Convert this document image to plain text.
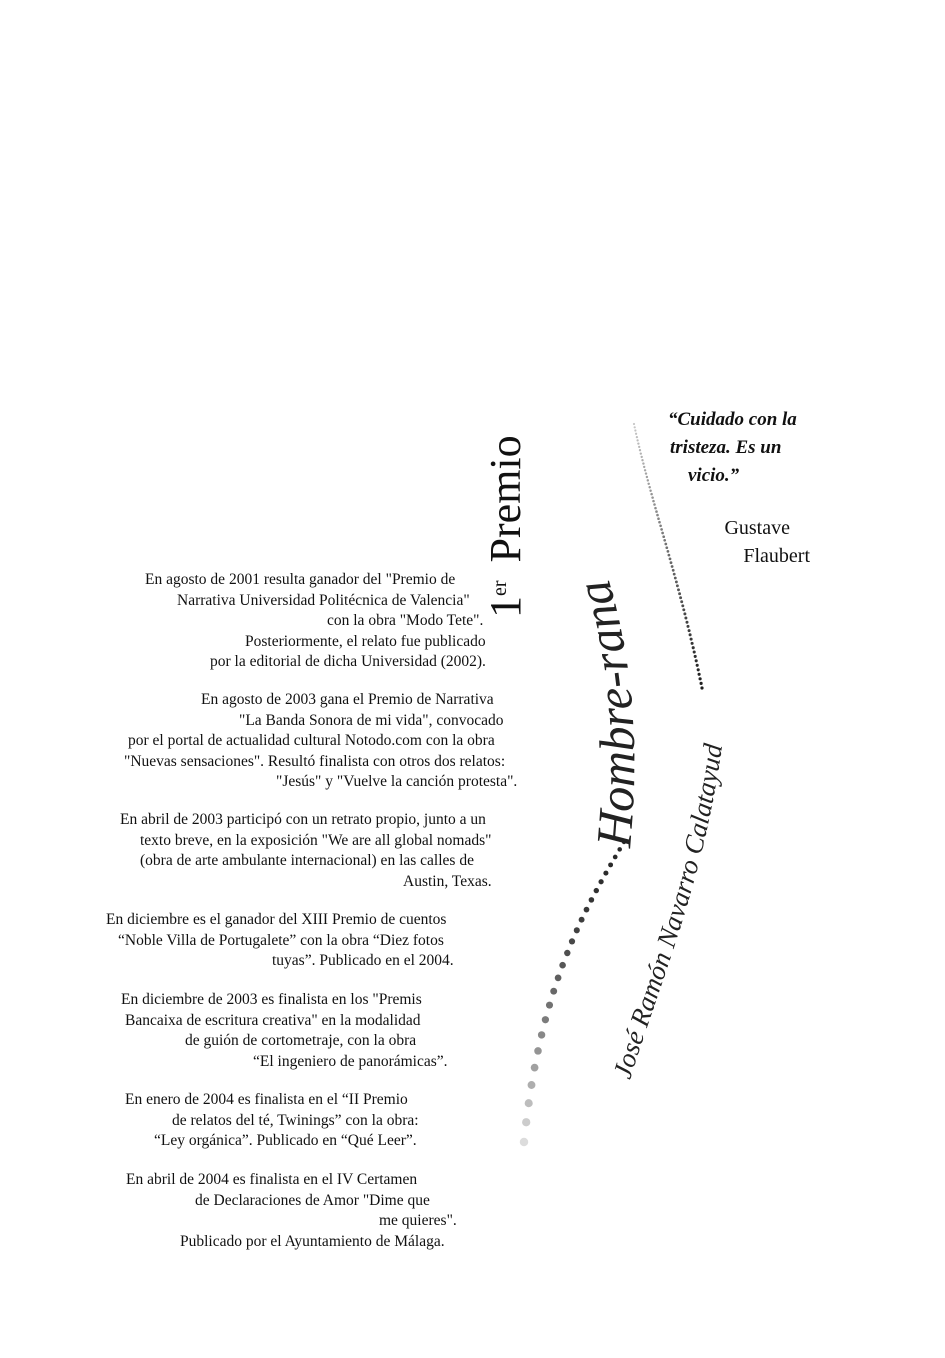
“Cuidado con la
tristeza. Es un
vicio.”
Gustave
Flaubert
1erPremio
Hombre-rana
José Ramón Navarro Calatayud
En agosto de 2001 resulta ganador del "Premio de
Narrativa Universidad Politécnica de Valencia"
con la obra "Modo Tete".
Posteriormente, el relato fue publicado
por la editorial de dicha Universidad (2002).
En agosto de 2003 gana el Premio de Narrativa
"La Banda Sonora de mi vida", convocado
por el portal de actualidad cultural Notodo.com con la obra
"Nuevas sensaciones". Resultó finalista con otros dos relatos:
"Jesús" y "Vuelve la canción protesta".
En abril de 2003 participó con un retrato propio, junto a un
texto breve, en la exposición "We are all global nomads"
(obra de arte ambulante internacional) en las calles de
Austin, Texas.
En diciembre es el ganador del XIII Premio de cuentos
“Noble Villa de Portugalete” con la obra “Diez fotos
tuyas”. Publicado en el 2004.
En diciembre de 2003 es finalista en los "Premis
Bancaixa de escritura creativa" en la modalidad
de guión de cortometraje, con la obra
“El ingeniero de panorámicas”.
En enero de 2004 es finalista en el “II Premio
de relatos del té, Twinings” con la obra:
“Ley orgánica”. Publicado en “Qué Leer”.
En abril de 2004 es finalista en el IV Certamen
de Declaraciones de Amor "Dime que
me quieres".
Publicado por el Ayuntamiento de Málaga.
